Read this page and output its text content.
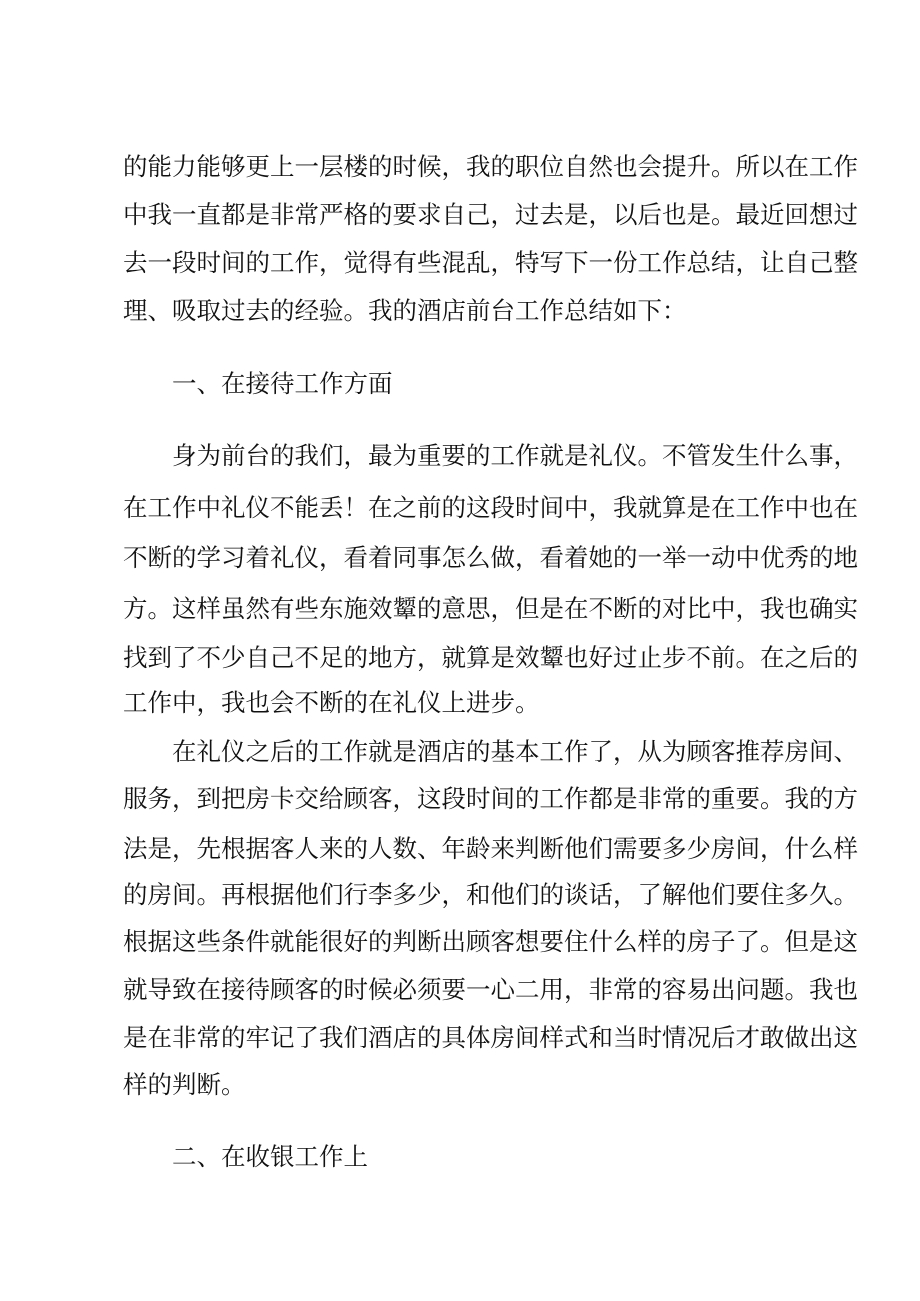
的能力能够更上一层楼的时候，我的职位自然也会提升。所以在工作
中我一直都是非常严格的要求自己，过去是，以后也是。最近回想过
去一段时间的工作，觉得有些混乱，特写下一份工作总结，让自己整
理、吸取过去的经验。我的酒店前台工作总结如下：
一、在接待工作方面
身为前台的我们，最为重要的工作就是礼仪。不管发生什么事，
在工作中礼仪不能丢！在之前的这段时间中，我就算是在工作中也在
不断的学习着礼仪，看着同事怎么做，看着她的一举一动中优秀的地
方。这样虽然有些东施效颦的意思，但是在不断的对比中，我也确实
找到了不少自己不足的地方，就算是效颦也好过止步不前。在之后的
工作中，我也会不断的在礼仪上进步。
在礼仪之后的工作就是酒店的基本工作了，从为顾客推荐房间、
服务，到把房卡交给顾客，这段时间的工作都是非常的重要。我的方
法是，先根据客人来的人数、年龄来判断他们需要多少房间，什么样
的房间。再根据他们行李多少，和他们的谈话，了解他们要住多久。
根据这些条件就能很好的判断出顾客想要住什么样的房子了。但是这
就导致在接待顾客的时候必须要一心二用，非常的容易出问题。我也
是在非常的牢记了我们酒店的具体房间样式和当时情况后才敢做出这
样的判断。
二、在收银工作上
